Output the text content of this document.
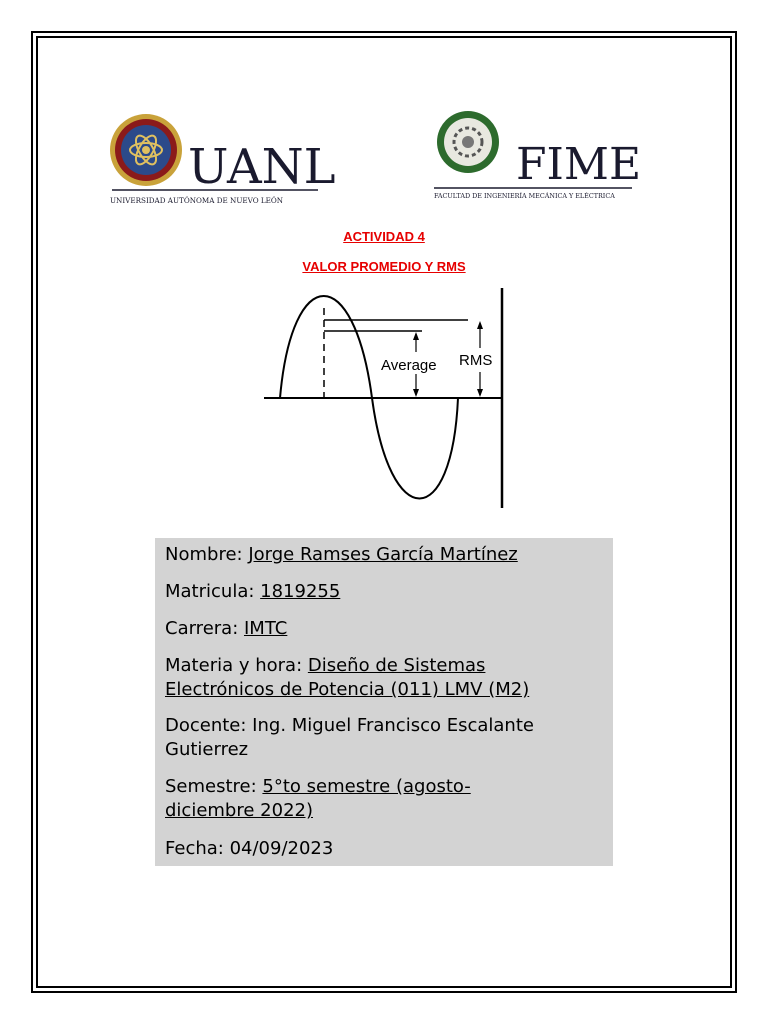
UANL
UNIVERSIDAD AUTÓNOMA DE NUEVO LEÓN
FIME
FACULTAD DE INGENIERÍA MECÁNICA Y ELÉCTRICA
ACTIVIDAD 4
VALOR PROMEDIO Y RMS
Average RMS
Nombre: Jorge Ramses García Martínez
Matricula: 1819255
Carrera: IMTC
Materia y hora: Diseño de Sistemas
Electrónicos de Potencia (011) LMV (M2)
Docente: Ing. Miguel Francisco Escalante
Gutierrez
Semestre: 5°to semestre (agosto-
diciembre 2022)
Fecha: 04/09/2023
